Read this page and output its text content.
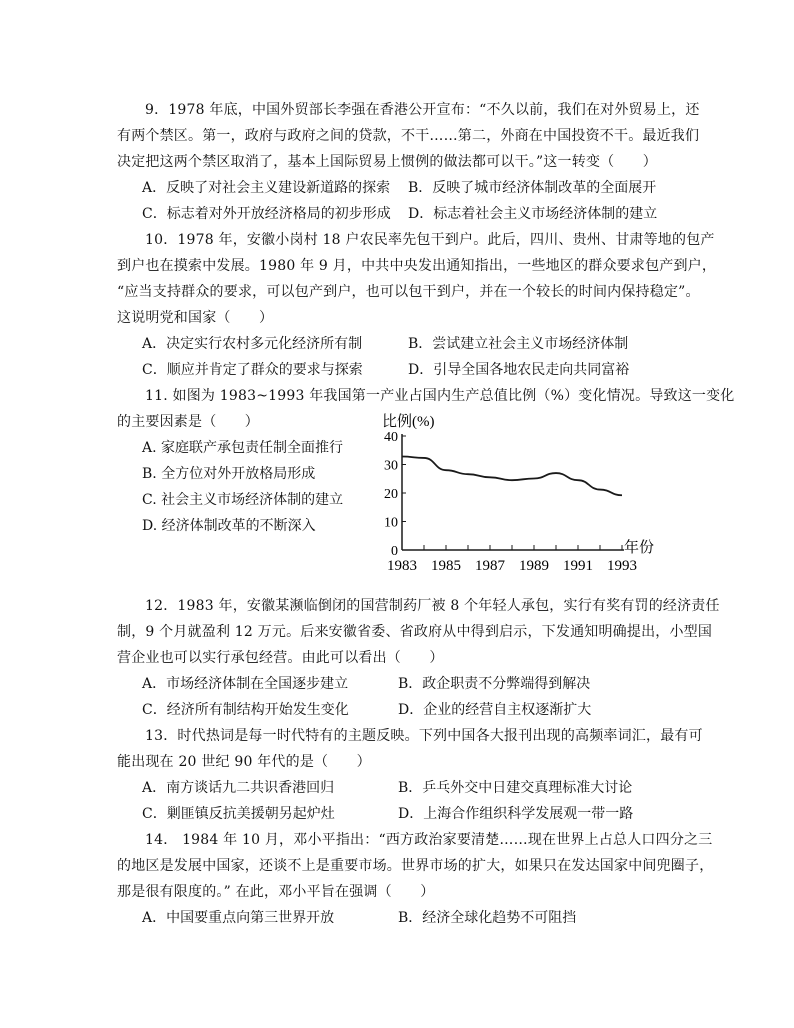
9．1978 年底，中国外贸部长李强在香港公开宣布：“不久以前，我们在对外贸易上，还
有两个禁区。第一，政府与政府之间的贷款，不干……第二，外商在中国投资不干。最近我们
决定把这两个禁区取消了，基本上国际贸易上惯例的做法都可以干。”这一转变（　　）
A．反映了对社会主义建设新道路的探索 B．反映了城市经济体制改革的全面展开
C．标志着对外开放经济格局的初步形成 D．标志着社会主义市场经济体制的建立
10．1978 年，安徽小岗村 18 户农民率先包干到户。此后，四川、贵州、甘肃等地的包产
到户也在摸索中发展。1980 年 9 月，中共中央发出通知指出，一些地区的群众要求包产到户，
“应当支持群众的要求，可以包产到户，也可以包干到户，并在一个较长的时间内保持稳定”。
这说明党和国家（　　）
A．决定实行农村多元化经济所有制	B．尝试建立社会主义市场经济体制
C．顺应并肯定了群众的要求与探索	D．引导全国各地农民走向共同富裕
11. 如图为 1983~1993 年我国第一产业占国内生产总值比例（%）变化情况。导致这一变化
的主要因素是（　　）
A. 家庭联产承包责任制全面推行
B. 全方位对外开放格局形成
C. 社会主义市场经济体制的建立
D. 经济体制改革的不断深入
比例(%)
年份
0
10
20
30
40
1983 1985 1987 1989 1991 1993
12．1983 年，安徽某濒临倒闭的国营制药厂被 8 个年轻人承包，实行有奖有罚的经济责任
制，9 个月就盈利 12 万元。后来安徽省委、省政府从中得到启示，下发通知明确提出，小型国
营企业也可以实行承包经营。由此可以看出（　　）
A．市场经济体制在全国逐步建立	B．政企职责不分弊端得到解决
C．经济所有制结构开始发生变化	D．企业的经营自主权逐渐扩大
13．时代热词是每一时代特有的主题反映。下列中国各大报刊出现的高频率词汇，最有可
能出现在 20 世纪 90 年代的是（　　）
A．南方谈话九二共识香港回归	B．乒乓外交中日建交真理标准大讨论
C．剿匪镇反抗美援朝另起炉灶	D．上海合作组织科学发展观一带一路
14． 1984 年 10 月，邓小平指出：“西方政治家要清楚……现在世界上占总人口四分之三
的地区是发展中国家，还谈不上是重要市场。世界市场的扩大，如果只在发达国家中间兜圈子，
那是很有限度的。” 在此，邓小平旨在强调（　　）
A．中国要重点向第三世界开放	B．经济全球化趋势不可阻挡
